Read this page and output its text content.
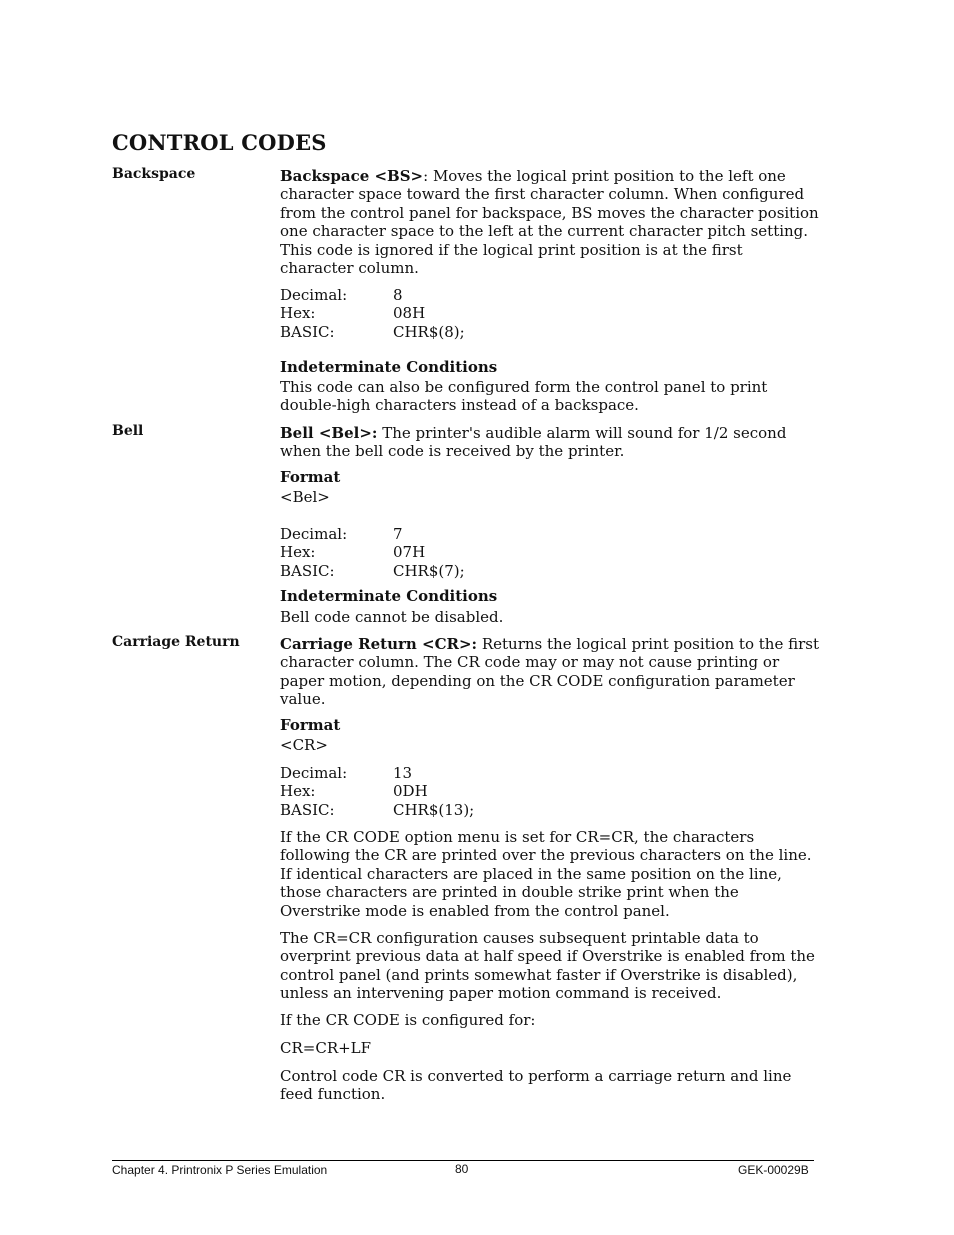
CONTROL CODES
Backspace	Backspace <BS>: Moves the logical print position to the left one character space toward the first character column. When configured from the control panel for backspace, BS moves the character position one character space to the left at the current character pitch setting. This code is ignored if the logical print position is at the first character column.
Decimal:	8
Hex:	08H
BASIC:	CHR$(8);
Indeterminate Conditions
This code can also be configured form the control panel to print double-high characters instead of a backspace.
Bell	Bell <Bel>: The printer's audible alarm will sound for 1/2 second when the bell code is received by the printer.
Format
<Bel>
Decimal:	7
Hex:	07H
BASIC:	CHR$(7);
Indeterminate Conditions
Bell code cannot be disabled.
Carriage Return	Carriage Return <CR>: Returns the logical print position to the first character column. The CR code may or may not cause printing or paper motion, depending on the CR CODE configuration parameter value.
Format
<CR>
Decimal:	13
Hex:	0DH
BASIC:	CHR$(13);
If the CR CODE option menu is set for CR=CR, the characters following the CR are printed over the previous characters on the line. If identical characters are placed in the same position on the line, those characters are printed in double strike print when the Overstrike mode is enabled from the control panel.
The CR=CR configuration causes subsequent printable data to overprint previous data at half speed if Overstrike is enabled from the control panel (and prints somewhat faster if Overstrike is disabled), unless an intervening paper motion command is received.
If the CR CODE is configured for:
CR=CR+LF
Control code CR is converted to perform a carriage return and line feed function.
Chapter 4. Printronix P Series Emulation	80	GEK-00029B
